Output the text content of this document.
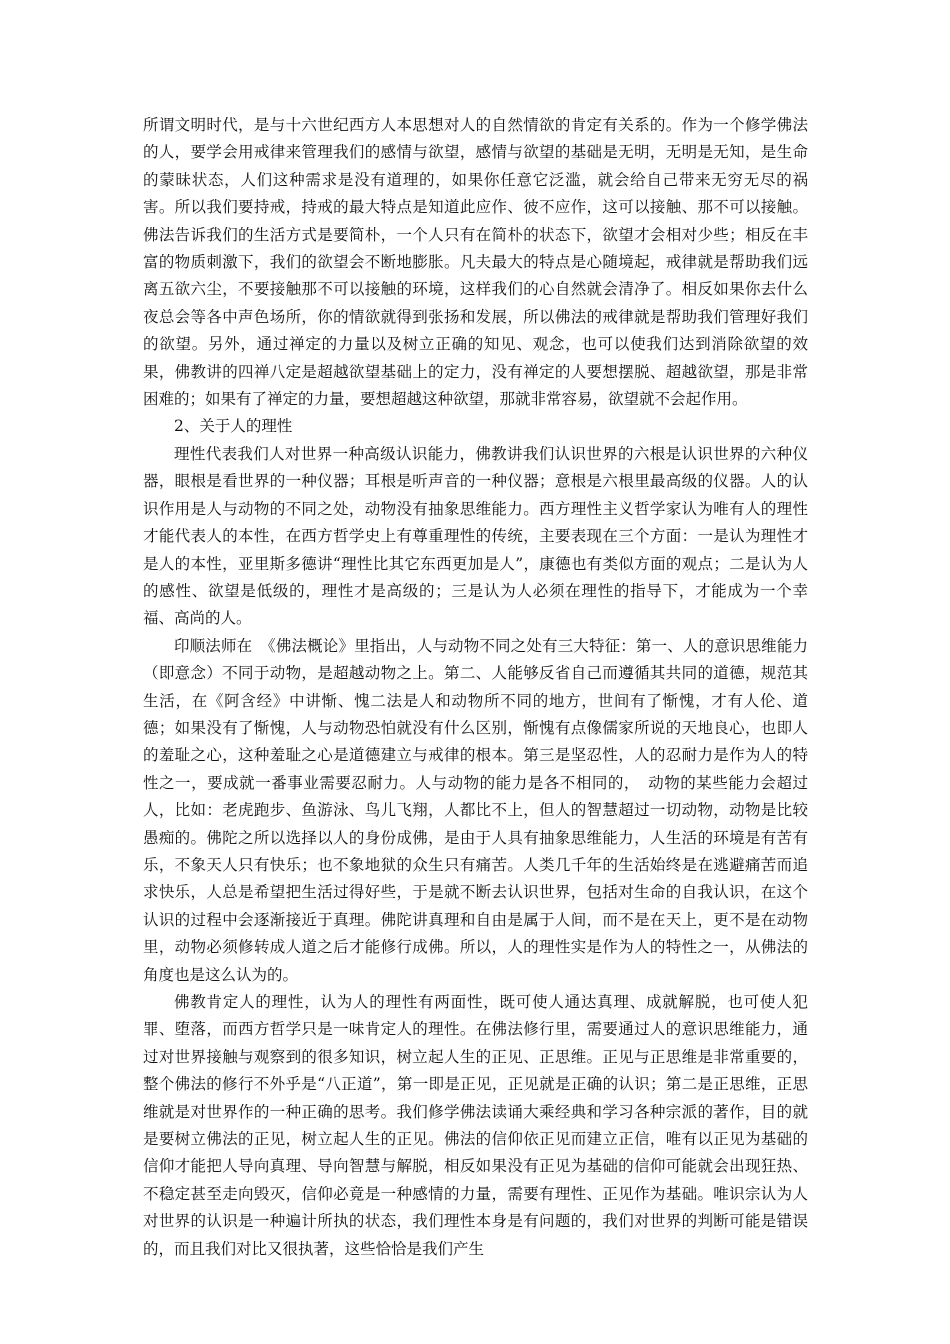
所谓文明时代，是与十六世纪西方人本思想对人的自然情欲的肯定有关系的。作为一个修学佛法的人，要学会用戒律来管理我们的感情与欲望，感情与欲望的基础是无明，无明是无知，是生命的蒙昧状态，人们这种需求是没有道理的，如果你任意它泛滥，就会给自己带来无穷无尽的祸害。所以我们要持戒，持戒的最大特点是知道此应作、彼不应作，这可以接触、那不可以接触。佛法告诉我们的生活方式是要简朴，一个人只有在简朴的状态下，欲望才会相对少些；相反在丰富的物质刺激下，我们的欲望会不断地膨胀。凡夫最大的特点是心随境起，戒律就是帮助我们远离五欲六尘，不要接触那不可以接触的环境，这样我们的心自然就会清净了。相反如果你去什么夜总会等各中声色场所，你的情欲就得到张扬和发展，所以佛法的戒律就是帮助我们管理好我们的欲望。另外，通过禅定的力量以及树立正确的知见、观念，也可以使我们达到消除欲望的效果，佛教讲的四禅八定是超越欲望基础上的定力，没有禅定的人要想摆脱、超越欲望，那是非常困难的；如果有了禅定的力量，要想超越这种欲望，那就非常容易，欲望就不会起作用。

2、关于人的理性

理性代表我们人对世界一种高级认识能力，佛教讲我们认识世界的六根是认识世界的六种仪器，眼根是看世界的一种仪器；耳根是听声音的一种仪器；意根是六根里最高级的仪器。人的认识作用是人与动物的不同之处，动物没有抽象思维能力。西方理性主义哲学家认为唯有人的理性才能代表人的本性，在西方哲学史上有尊重理性的传统，主要表现在三个方面：一是认为理性才是人的本性，亚里斯多德讲“理性比其它东西更加是人”，康德也有类似方面的观点；二是认为人的感性、欲望是低级的，理性才是高级的；三是认为人必须在理性的指导下，才能成为一个幸福、高尚的人。

印顺法师在　《佛法概论》里指出，人与动物不同之处有三大特征：第一、人的意识思维能力（即意念）不同于动物，是超越动物之上。第二、人能够反省自己而遵循其共同的道德，规范其生活，在《阿含经》中讲惭、愧二法是人和动物所不同的地方，世间有了惭愧，才有人伦、道德；如果没有了惭愧，人与动物恐怕就没有什么区别，惭愧有点像儒家所说的天地良心，也即人的羞耻之心，这种羞耻之心是道德建立与戒律的根本。第三是坚忍性，人的忍耐力是作为人的特性之一，要成就一番事业需要忍耐力。人与动物的能力是各不相同的，　动物的某些能力会超过人，比如：老虎跑步、鱼游泳、鸟儿飞翔，人都比不上，但人的智慧超过一切动物，动物是比较愚痴的。佛陀之所以选择以人的身份成佛，是由于人具有抽象思维能力，人生活的环境是有苦有乐，不象天人只有快乐；也不象地狱的众生只有痛苦。人类几千年的生活始终是在逃避痛苦而追求快乐，人总是希望把生活过得好些，于是就不断去认识世界，包括对生命的自我认识，在这个认识的过程中会逐渐接近于真理。佛陀讲真理和自由是属于人间，而不是在天上，更不是在动物里，动物必须修转成人道之后才能修行成佛。所以，人的理性实是作为人的特性之一，从佛法的角度也是这么认为的。

佛教肯定人的理性，认为人的理性有两面性，既可使人通达真理、成就解脱，也可使人犯罪、堕落，而西方哲学只是一味肯定人的理性。在佛法修行里，需要通过人的意识思维能力，通过对世界接触与观察到的很多知识，树立起人生的正见、正思维。正见与正思维是非常重要的，整个佛法的修行不外乎是“八正道”，第一即是正见，正见就是正确的认识；第二是正思维，正思维就是对世界作的一种正确的思考。我们修学佛法读诵大乘经典和学习各种宗派的著作，目的就是要树立佛法的正见，树立起人生的正见。佛法的信仰依正见而建立正信，唯有以正见为基础的信仰才能把人导向真理、导向智慧与解脱，相反如果没有正见为基础的信仰可能就会出现狂热、不稳定甚至走向毁灭，信仰必竟是一种感情的力量，需要有理性、正见作为基础。唯识宗认为人对世界的认识是一种遍计所执的状态，我们理性本身是有问题的，我们对世界的判断可能是错误的，而且我们对比又很执著，这些恰恰是我们产生
